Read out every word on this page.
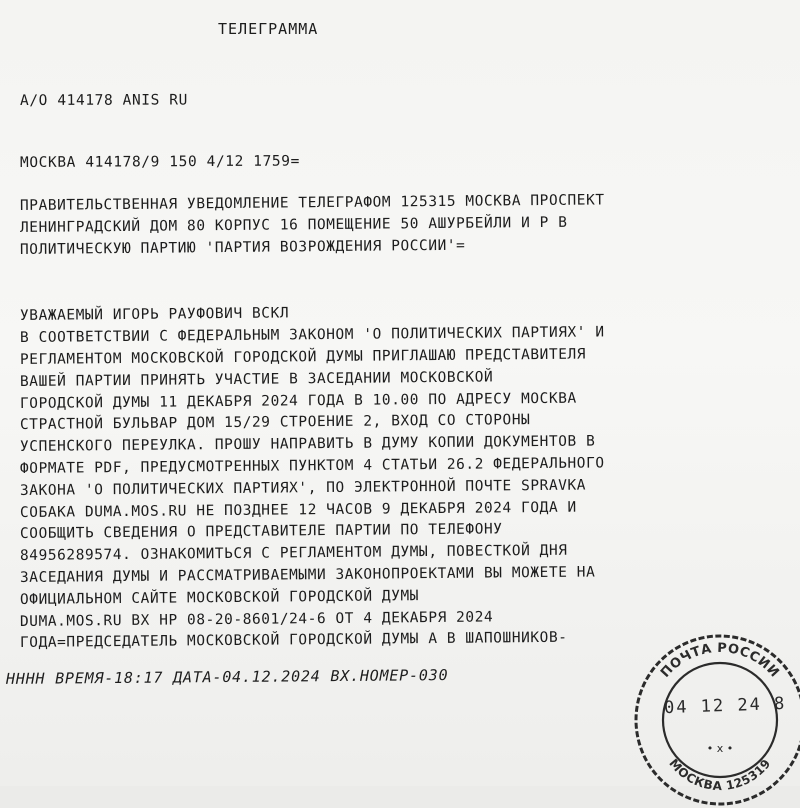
ТЕЛЕГРАММА
А/О 414178 ANIS RU
МОСКВА 414178/9 150 4/12 1759=
ПРАВИТЕЛЬСТВЕННАЯ УВЕДОМЛЕНИЕ ТЕЛЕГРАФОМ 125315 МОСКВА ПРОСПЕКТ
ЛЕНИНГРАДСКИЙ ДОМ 80 КОРПУС 16 ПОМЕЩЕНИЕ 50 АШУРБЕЙЛИ И Р В
ПОЛИТИЧЕСКУЮ ПАРТИЮ 'ПАРТИЯ ВОЗРОЖДЕНИЯ РОССИИ'=
УВАЖАЕМЫЙ ИГОРЬ РАУФОВИЧ ВСКЛ
В СООТВЕТСТВИИ С ФЕДЕРАЛЬНЫМ ЗАКОНОМ 'О ПОЛИТИЧЕСКИХ ПАРТИЯХ' И
РЕГЛАМЕНТОМ МОСКОВСКОЙ ГОРОДСКОЙ ДУМЫ ПРИГЛАШАЮ ПРЕДСТАВИТЕЛЯ
ВАШЕЙ ПАРТИИ ПРИНЯТЬ УЧАСТИЕ В ЗАСЕДАНИИ МОСКОВСКОЙ
ГОРОДСКОЙ ДУМЫ 11 ДЕКАБРЯ 2024 ГОДА В 10.00 ПО АДРЕСУ МОСКВА
СТРАСТНОЙ БУЛЬВАР ДОМ 15/29 СТРОЕНИЕ 2, ВХОД СО СТОРОНЫ
УСПЕНСКОГО ПЕРЕУЛКА. ПРОШУ НАПРАВИТЬ В ДУМУ КОПИИ ДОКУМЕНТОВ В
ФОРМАТЕ PDF, ПРЕДУСМОТРЕННЫХ ПУНКТОМ 4 СТАТЬИ 26.2 ФЕДЕРАЛЬНОГО
ЗАКОНА 'О ПОЛИТИЧЕСКИХ ПАРТИЯХ', ПО ЭЛЕКТРОННОЙ ПОЧТЕ SPRAVKA
СОБАКА DUMA.MOS.RU НЕ ПОЗДНЕЕ 12 ЧАСОВ 9 ДЕКАБРЯ 2024 ГОДА И
СООБЩИТЬ СВЕДЕНИЯ О ПРЕДСТАВИТЕЛЕ ПАРТИИ ПО ТЕЛЕФОНУ
84956289574. ОЗНАКОМИТЬСЯ С РЕГЛАМЕНТОМ ДУМЫ, ПОВЕСТКОЙ ДНЯ
ЗАСЕДАНИЯ ДУМЫ И РАССМАТРИВАЕМЫМИ ЗАКОНОПРОЕКТАМИ ВЫ МОЖЕТЕ НА
ОФИЦИАЛЬНОМ САЙТЕ МОСКОВСКОЙ ГОРОДСКОЙ ДУМЫ
DUMA.MOS.RU ВХ НР 08-20-8601/24-6 ОТ 4 ДЕКАБРЯ 2024
ГОДА=ПРЕДСЕДАТЕЛЬ МОСКОВСКОЙ ГОРОДСКОЙ ДУМЫ А В ШАПОШНИКОВ-
НННН ВРЕМЯ-18:17 ДАТА-04.12.2024 ВХ.НОМЕР-030	ПОЧТА РОССИИ
МОСКВА 125319
• x •
04 12 24 8
